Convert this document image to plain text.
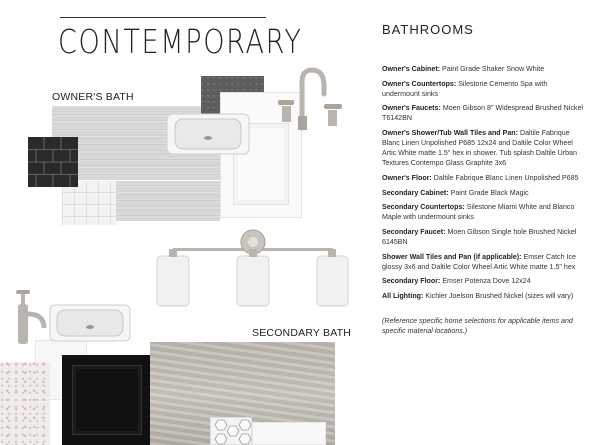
CONTEMPORARY
OWNER'S BATH
SECONDARY BATH
BATHROOMS
Owner's Cabinet: Paint Grade Shaker Snow White
Owner's Countertops: Silestone Cemento Spa with undermount sinks
Owner's Faucets: Moen Gibson 8" Widespread Brushed Nickel T6142BN
Owner's Shower/Tub Wall Tiles and Pan: Daltile Fabrique Blanc Linen Unpolished P685 12x24 and Daltile Color Wheel Artic White matte 1.5" hex in shower. Tub splash Daltile Urban Textures Contempo Glass Graphite 3x6
Owner's Floor: Daltile Fabrique Blanc Linen Unpolished P685
Secondary Cabinet: Paint Grade Black Magic
Secondary Countertops: Silestone Miami White and Blanco Maple with undermount sinks
Secondary Faucet: Moen Gibson Single hole Brushed Nickel 6145BN
Shower Wall Tiles and Pan (if applicable): Emser Catch Ice glossy 3x6 and Daltile Color Wheel Artic White matte 1.5" hex
Secondary Floor: Emser Potenza Dove 12x24
All Lighting: Kichler Joelson Brushed Nickel (sizes will vary)
(Reference specific home selections for applicable items and specific material locations.)
